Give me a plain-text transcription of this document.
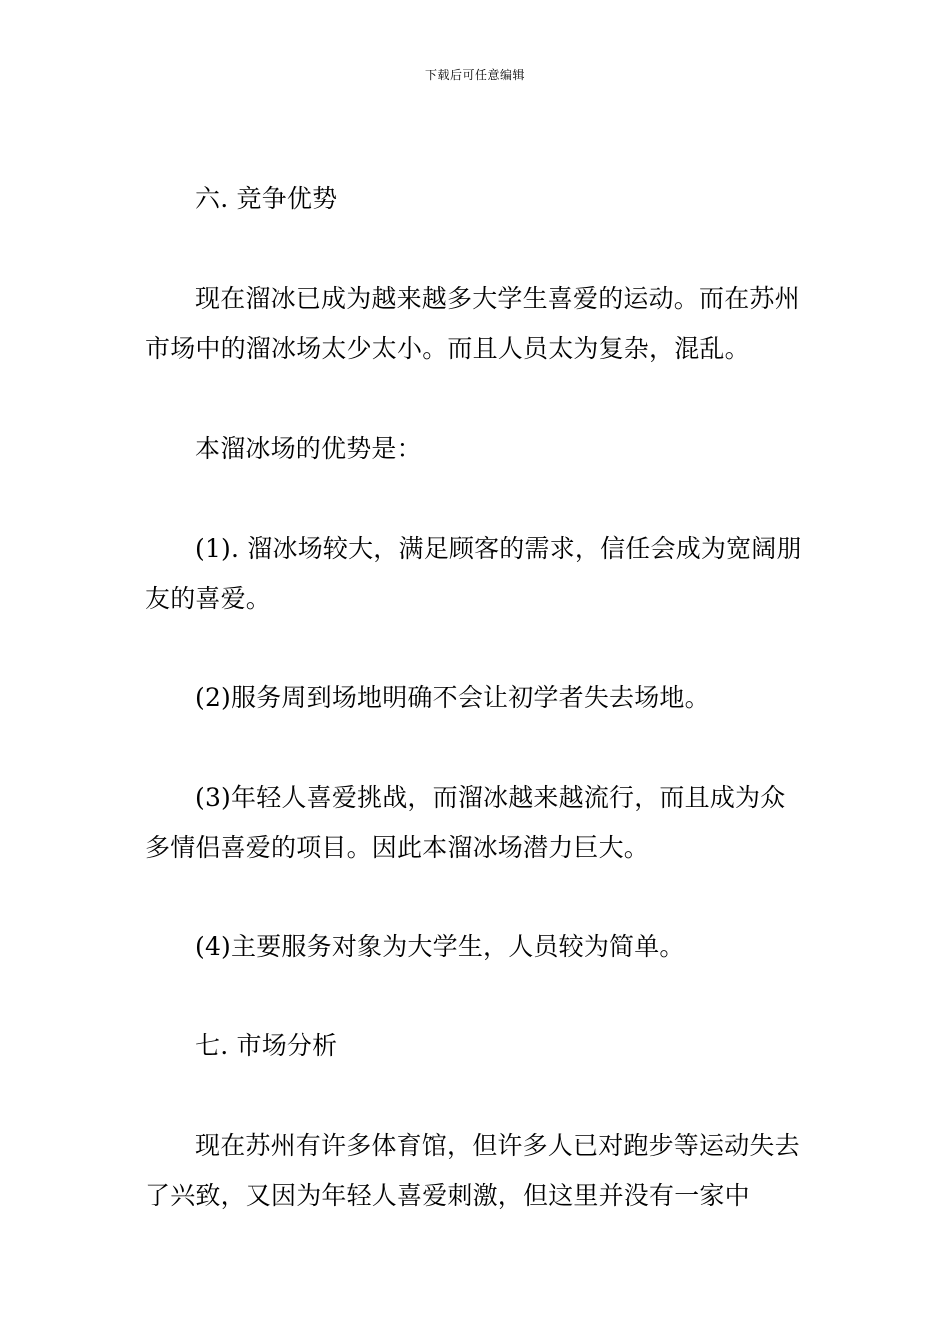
下载后可任意编辑

六. 竞争优势

现在溜冰已成为越来越多大学生喜爱的运动。而在苏州市场中的溜冰场太少太小。而且人员太为复杂，混乱。

本溜冰场的优势是：

(1). 溜冰场较大，满足顾客的需求，信任会成为宽阔朋友的喜爱。

(2)服务周到场地明确不会让初学者失去场地。

(3)年轻人喜爱挑战，而溜冰越来越流行，而且成为众多情侣喜爱的项目。因此本溜冰场潜力巨大。

(4)主要服务对象为大学生，人员较为简单。

七. 市场分析

现在苏州有许多体育馆，但许多人已对跑步等运动失去了兴致，又因为年轻人喜爱刺激，但这里并没有一家中
